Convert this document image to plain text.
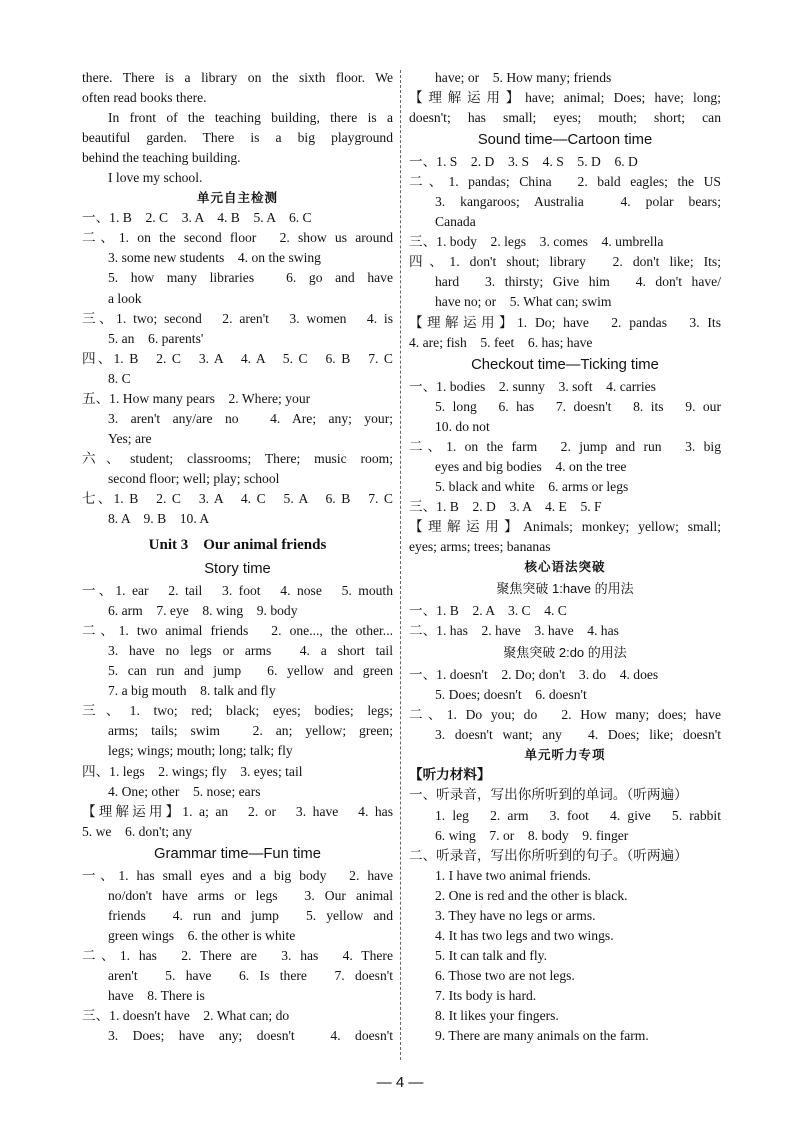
there. There is a library on the sixth floor. We
often read books there.
In front of the teaching building, there is a
beautiful garden. There is a big playground
behind the teaching building.
I love my school.
单元自主检测
一、1. B　2. C　3. A　4. B　5. A　6. C
二、1. on the second floor　2. show us around
3. some new students　4. on the swing
5. how many libraries　6. go and have
a look
三、1. two; second　2. aren't　3. women　4. is
5. an　6. parents'
四、1. B　2. C　3. A　4. A　5. C　6. B　7. C
8. C
五、1. How many pears　2. Where; your
3. aren't any/are no　4. Are; any; your;
Yes; are
六、student; classrooms; There; music room;
second floor; well; play; school
七、1. B　2. C　3. A　4. C　5. A　6. B　7. C
8. A　9. B　10. A
Unit 3　Our animal friends
Story time
一、1. ear　2. tail　3. foot　4. nose　5. mouth
6. arm　7. eye　8. wing　9. body
二、1. two animal friends　2. one..., the other...
3. have no legs or arms　4. a short tail
5. can run and jump　6. yellow and green
7. a big mouth　8. talk and fly
三、1. two; red; black; eyes; bodies; legs;
arms; tails; swim　2. an; yellow; green;
legs; wings; mouth; long; talk; fly
四、1. legs　2. wings; fly　3. eyes; tail
4. One; other　5. nose; ears
【理解运用】1. a; an　2. or　3. have　4. has
5. we　6. don't; any
Grammar time—Fun time
一、1. has small eyes and a big body　2. have
no/don't have arms or legs　3. Our animal
friends　4. run and jump　5. yellow and
green wings　6. the other is white
二、1. has　2. There are　3. has　4. There
aren't　5. have　6. Is there　7. doesn't
have　8. There is
三、1. doesn't have　2. What can; do
3. Does; have any; doesn't　4. doesn't
have; or　5. How many; friends
【理解运用】have; animal; Does; have; long;
doesn't; has small; eyes; mouth; short; can
Sound time—Cartoon time
一、1. S　2. D　3. S　4. S　5. D　6. D
二、1. pandas; China　2. bald eagles; the US
3. kangaroos; Australia　4. polar bears;
Canada
三、1. body　2. legs　3. comes　4. umbrella
四、1. don't shout; library　2. don't like; Its;
hard　3. thirsty; Give him　4. don't have/
have no; or　5. What can; swim
【理解运用】1. Do; have　2. pandas　3. Its
4. are; fish　5. feet　6. has; have
Checkout time—Ticking time
一、1. bodies　2. sunny　3. soft　4. carries
5. long　6. has　7. doesn't　8. its　9. our
10. do not
二、1. on the farm　2. jump and run　3. big
eyes and big bodies　4. on the tree
5. black and white　6. arms or legs
三、1. B　2. D　3. A　4. E　5. F
【理解运用】Animals; monkey; yellow; small;
eyes; arms; trees; bananas
核心语法突破
聚焦突破 1:have 的用法
一、1. B　2. A　3. C　4. C
二、1. has　2. have　3. have　4. has
聚焦突破 2:do 的用法
一、1. doesn't　2. Do; don't　3. do　4. does
5. Does; doesn't　6. doesn't
二、1. Do you; do　2. How many; does; have
3. doesn't want; any　4. Does; like; doesn't
单元听力专项
【听力材料】
一、听录音，写出你所听到的单词。（听两遍）
1. leg　2. arm　3. foot　4. give　5. rabbit
6. wing　7. or　8. body　9. finger
二、听录音，写出你所听到的句子。（听两遍）
1. I have two animal friends.
2. One is red and the other is black.
3. They have no legs or arms.
4. It has two legs and two wings.
5. It can talk and fly.
6. Those two are not legs.
7. Its body is hard.
8. It likes your fingers.
9. There are many animals on the farm.
— 4 —
